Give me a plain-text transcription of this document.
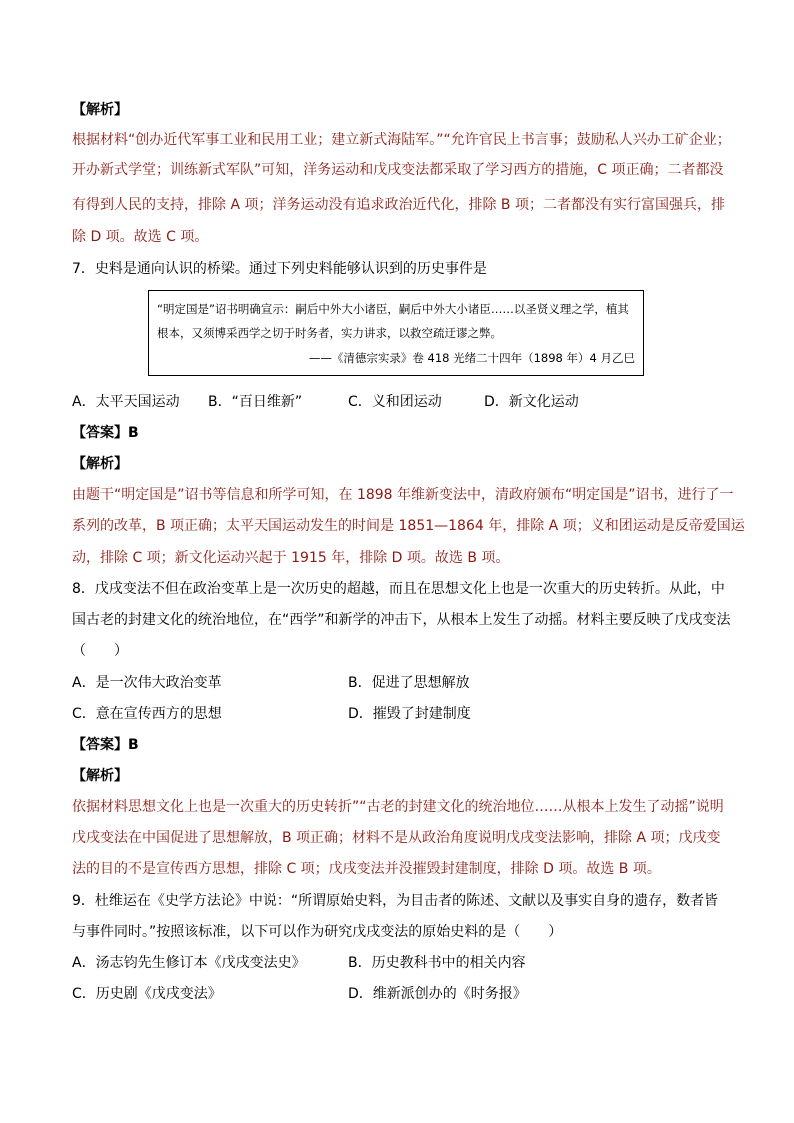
【解析】
根据材料“创办近代军事工业和民用工业；建立新式海陆军。”“允许官民上书言事；鼓励私人兴办工矿企业；
开办新式学堂；训练新式军队”可知，洋务运动和戊戌变法都采取了学习西方的措施，C 项正确；二者都没
有得到人民的支持，排除 A 项；洋务运动没有追求政治近代化，排除 B 项；二者都没有实行富国强兵，排
除 D 项。故选 C 项。
7．史料是通向认识的桥梁。通过下列史料能够认识到的历史事件是
“明定国是”诏书明确宣示：嗣后中外大小诸臣，嗣后中外大小诸臣……以圣贤义理之学，植其
根本，又须博采西学之切于时务者，实力讲求，以救空疏迂谬之弊。
——《清德宗实录》卷 418 光绪二十四年（1898 年）4 月乙巳
A．太平天国运动 B．“百日维新”	C．义和团运动	D．新文化运动
【答案】B
【解析】
由题干“明定国是”诏书等信息和所学可知，在 1898 年维新变法中，清政府颁布“明定国是”诏书，进行了一
系列的改革，B 项正确；太平天国运动发生的时间是 1851—1864 年，排除 A 项；义和团运动是反帝爱国运
动，排除 C 项；新文化运动兴起于 1915 年，排除 D 项。故选 B 项。
8．戊戌变法不但在政治变革上是一次历史的超越，而且在思想文化上也是一次重大的历史转折。从此，中
国古老的封建文化的统治地位，在“西学”和新学的冲击下，从根本上发生了动摇。材料主要反映了戊戌变法
（　　）
A．是一次伟大政治变革	B．促进了思想解放
C．意在宣传西方的思想	D．摧毁了封建制度
【答案】B
【解析】
依据材料思想文化上也是一次重大的历史转折”“古老的封建文化的统治地位……从根本上发生了动摇”说明
戊戌变法在中国促进了思想解放，B 项正确；材料不是从政治角度说明戊戌变法影响，排除 A 项；戊戌变
法的目的不是宣传西方思想，排除 C 项；戊戌变法并没摧毁封建制度，排除 D 项。故选 B 项。
9．杜维运在《史学方法论》中说：“所谓原始史料，为目击者的陈述、文献以及事实自身的遗存，数者皆
与事件同时。”按照该标准，以下可以作为研究戊戌变法的原始史料的是（　　）
A．汤志钧先生修订本《戊戌变法史》	B．历史教科书中的相关内容
C．历史剧《戊戌变法》	D．维新派创办的《时务报》
